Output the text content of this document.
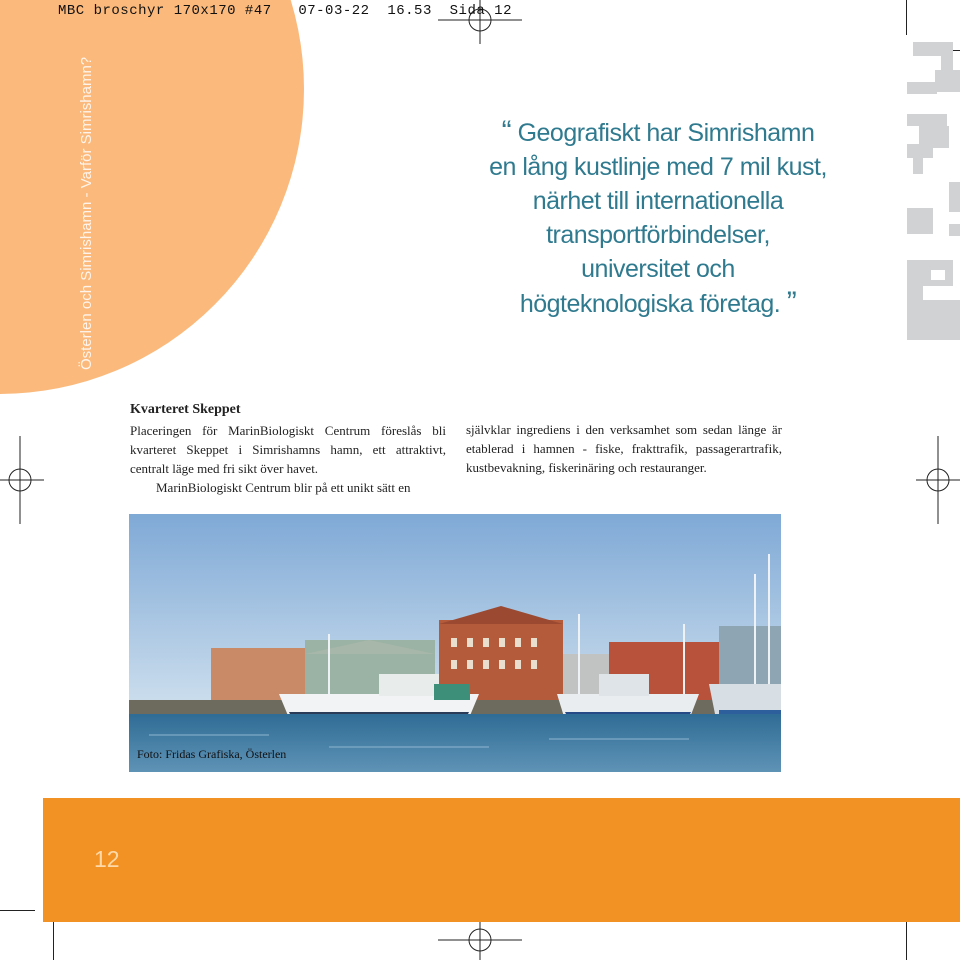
MBC broschyr 170x170 #47   07-03-22  16.53  Sida 12
Österlen och Simrishamn - Varför Simrishamn?	“ Geografiskt har Simrishamn
en lång kustlinje med 7 mil kust,
närhet till internationella
transportförbindelser,
universitet och
högteknologiska företag. ”
Kvarteret Skeppet

Placeringen för MarinBiologiskt Centrum föreslås bli kvarteret Skeppet i Simrishamns hamn, ett attraktivt, centralt läge med fri sikt över havet.

MarinBiologiskt Centrum blir på ett unikt sätt en

självklar ingrediens i den verksamhet som sedan länge är etablerad i hamnen - fiske, frakttrafik, passagerartrafik, kustbevakning, fiskerinäring och restauranger.

Foto: Fridas Grafiska, Österlen
12
